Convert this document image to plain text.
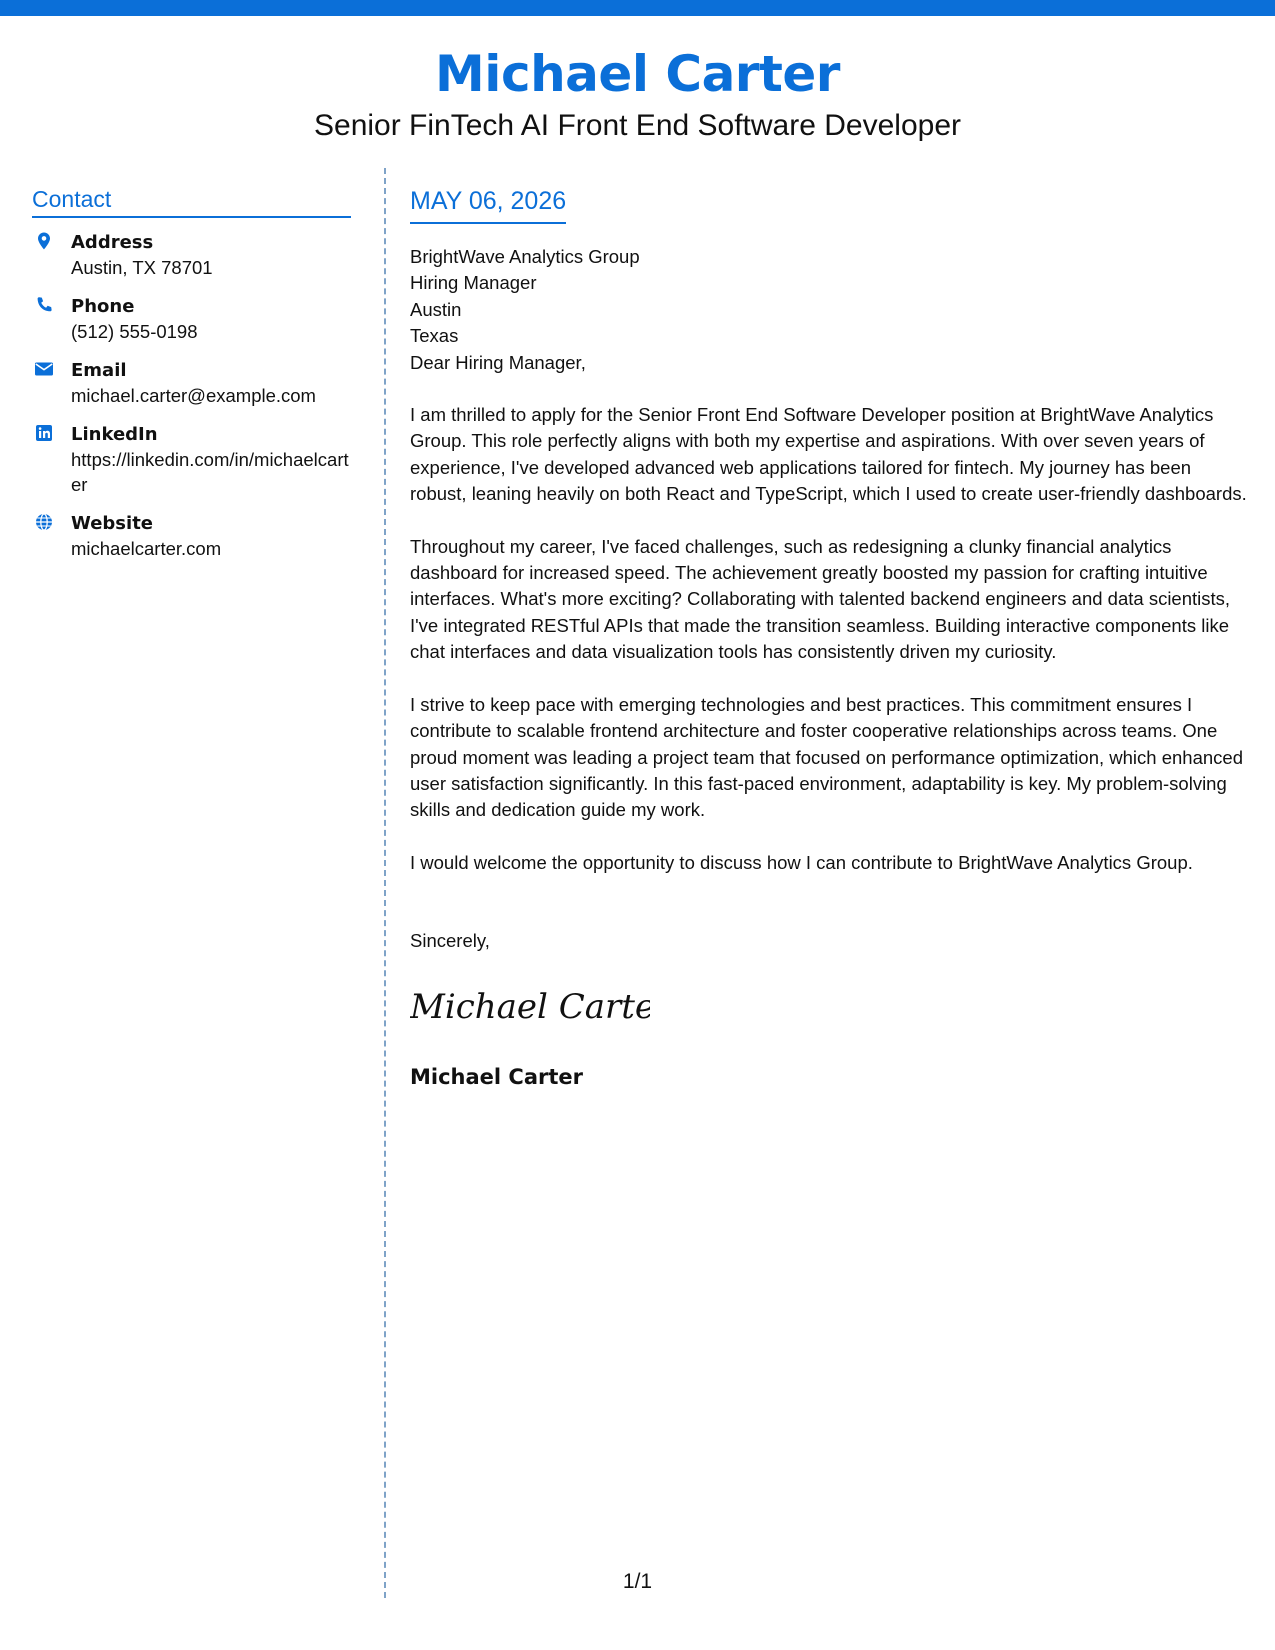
Michael Carter
Senior FinTech AI Front End Software Developer
Contact
Address
Austin, TX 78701
Phone
(512) 555-0198
Email
michael.carter@example.com
LinkedIn
https://linkedin.com/in/michaelcarter
Website
michaelcarter.com
MAY 06, 2026
BrightWave Analytics Group
Hiring Manager
Austin
Texas
Dear Hiring Manager,

I am thrilled to apply for the Senior Front End Software Developer position at BrightWave Analytics Group. This role perfectly aligns with both my expertise and aspirations. With over seven years of experience, I've developed advanced web applications tailored for fintech. My journey has been robust, leaning heavily on both React and TypeScript, which I used to create user-friendly dashboards.

Throughout my career, I've faced challenges, such as redesigning a clunky financial analytics dashboard for increased speed. The achievement greatly boosted my passion for crafting intuitive interfaces. What's more exciting? Collaborating with talented backend engineers and data scientists, I've integrated RESTful APIs that made the transition seamless. Building interactive components like chat interfaces and data visualization tools has consistently driven my curiosity.

I strive to keep pace with emerging technologies and best practices. This commitment ensures I contribute to scalable frontend architecture and foster cooperative relationships across teams. One proud moment was leading a project team that focused on performance optimization, which enhanced user satisfaction significantly. In this fast-paced environment, adaptability is key. My problem-solving skills and dedication guide my work.

I would welcome the opportunity to discuss how I can contribute to BrightWave Analytics Group.

Sincerely,
Michael Carter
Michael Carter
1/1
